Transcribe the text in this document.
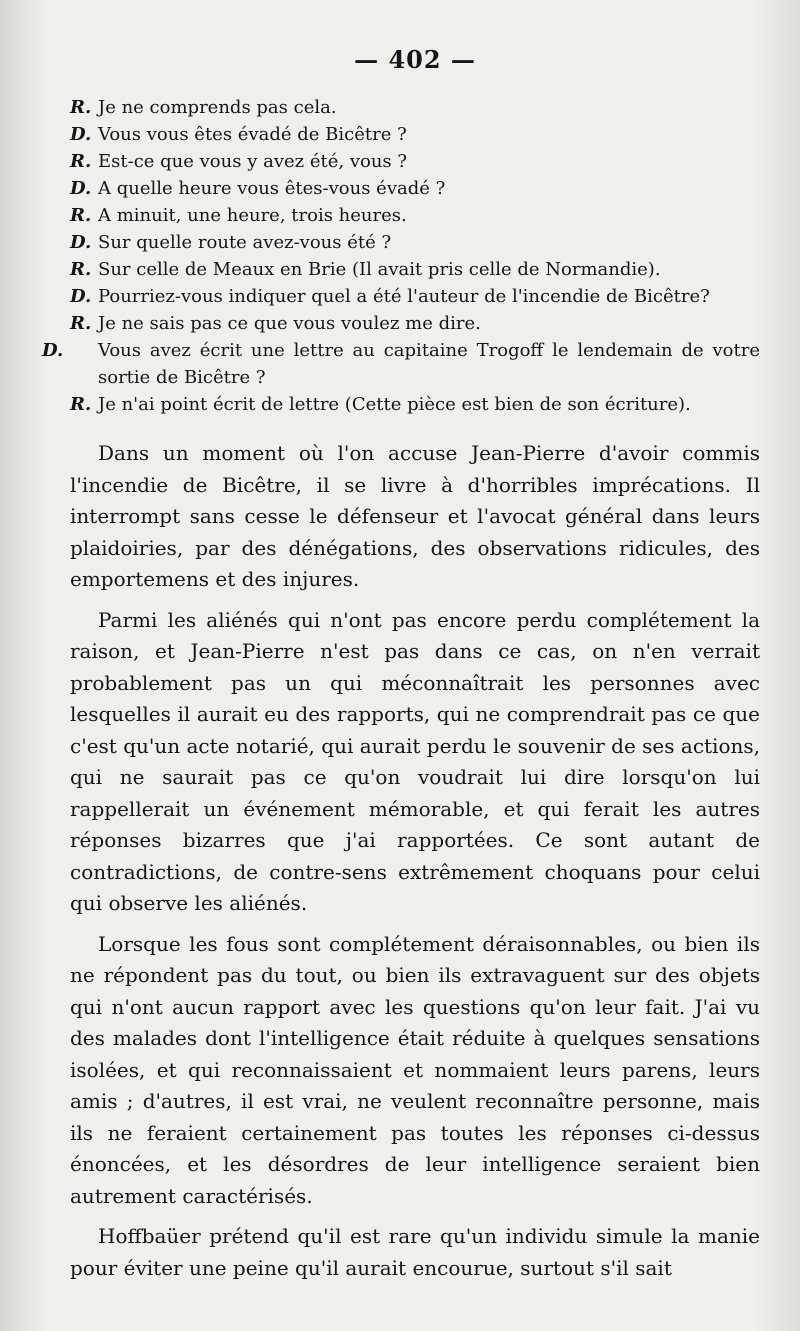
— 402 —
R. Je ne comprends pas cela.
D. Vous vous êtes évadé de Bicêtre ?
R. Est-ce que vous y avez été, vous ?
D. A quelle heure vous êtes-vous évadé ?
R. A minuit, une heure, trois heures.
D. Sur quelle route avez-vous été ?
R. Sur celle de Meaux en Brie (Il avait pris celle de Normandie).
D. Pourriez-vous indiquer quel a été l'auteur de l'incendie de Bicêtre?
R. Je ne sais pas ce que vous voulez me dire.
D. Vous avez écrit une lettre au capitaine Trogoff le lendemain de votre sortie de Bicêtre ?
R. Je n'ai point écrit de lettre (Cette pièce est bien de son écriture).

Dans un moment où l'on accuse Jean-Pierre d'avoir commis l'incendie de Bicêtre, il se livre à d'horribles imprécations. Il interrompt sans cesse le défenseur et l'avocat général dans leurs plaidoiries, par des dénégations, des observations ridicules, des emportemens et des injures.

Parmi les aliénés qui n'ont pas encore perdu complétement la raison, et Jean-Pierre n'est pas dans ce cas, on n'en verrait probablement pas un qui méconnaîtrait les personnes avec lesquelles il aurait eu des rapports, qui ne comprendrait pas ce que c'est qu'un acte notarié, qui aurait perdu le souvenir de ses actions, qui ne saurait pas ce qu'on voudrait lui dire lorsqu'on lui rappellerait un événement mémorable, et qui ferait les autres réponses bizarres que j'ai rapportées. Ce sont autant de contradictions, de contre-sens extrêmement choquans pour celui qui observe les aliénés.

Lorsque les fous sont complétement déraisonnables, ou bien ils ne répondent pas du tout, ou bien ils extravaguent sur des objets qui n'ont aucun rapport avec les questions qu'on leur fait. J'ai vu des malades dont l'intelligence était réduite à quelques sensations isolées, et qui reconnaissaient et nommaient leurs parens, leurs amis ; d'autres, il est vrai, ne veulent reconnaître personne, mais ils ne feraient certainement pas toutes les réponses ci-dessus énoncées, et les désordres de leur intelligence seraient bien autrement caractérisés.

Hoffbaüer prétend qu'il est rare qu'un individu simule la manie pour éviter une peine qu'il aurait encourue, surtout s'il sait
